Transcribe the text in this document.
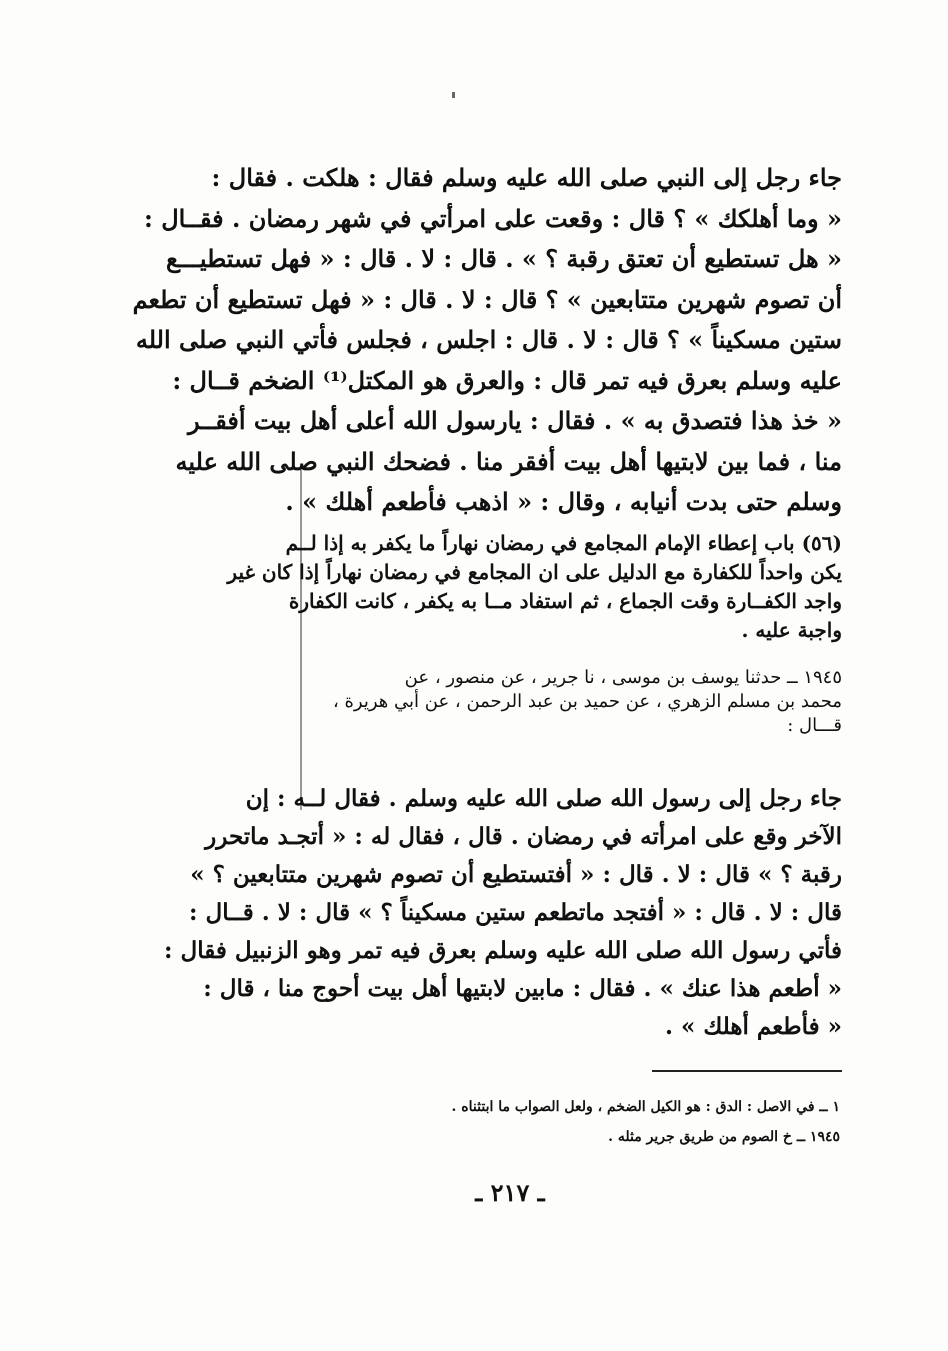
جاء رجل إلى النبي صلى الله عليه وسلم فقال : هلكت . فقال :
« وما أهلكك » ؟ قال : وقعت على امرأتي في شهر رمضان . فقــال :
« هل تستطيع أن تعتق رقبة ؟ » . قال : لا . قال : « فهل تستطيـــع
أن تصوم شهرين متتابعين » ؟ قال : لا . قال : « فهل تستطيع أن تطعم
ستين مسكيناً » ؟ قال : لا . قال : اجلس ، فجلس فأتي النبي صلى الله
عليه وسلم بعرق فيه تمر قال : والعرق هو المكتل⁽¹⁾ الضخم قــال :
« خذ هذا فتصدق به » . فقال : يارسول الله أعلى أهل بيت أفقــر
منا ، فما بين لابتيها أهل بيت أفقر منا . فضحك النبي صلى الله عليه
وسلم حتى بدت أنيابه ، وقال : « اذهب فأطعم أهلك » .
(٥٦) باب إعطاء الإمام المجامع في رمضان نهاراً ما يكفر به إذا لــم
يكن واحداً للكفارة مع الدليل على ان المجامع في رمضان نهاراً إذا كان غير
واجد الكفــارة وقت الجماع ، ثم استفاد مــا به يكفر ، كانت الكفارة
واجبة عليه .
١٩٤٥ ــ حدثنا يوسف بن موسى ، نا جرير ، عن منصور ، عن
محمد بن مسلم الزهري ، عن حميد بن عبد الرحمن ، عن أبي هريرة ،
قـــال :
جاء رجل إلى رسول الله صلى الله عليه وسلم . فقال لــه : إن
الآخر وقع على امرأته في رمضان . قال ، فقال له : « أتجـد ماتحرر
رقبة ؟ » قال : لا . قال : « أفتستطيع أن تصوم شهرين متتابعين ؟ »
قال : لا . قال : « أفتجد ماتطعم ستين مسكيناً ؟ » قال : لا . قــال :
فأتي رسول الله صلى الله عليه وسلم بعرق فيه تمر وهو الزنبيل فقال :
« أطعم هذا عنك » . فقال : مابين لابتيها أهل بيت أحوج منا ، قال :
« فأطعم أهلك » .
١ ــ في الاصل : الدق : هو الكيل الضخم ، ولعل الصواب ما ابتثناه .
١٩٤٥ ــ خ الصوم من طريق جرير مثله .
ـ ٢١٧ ـ
